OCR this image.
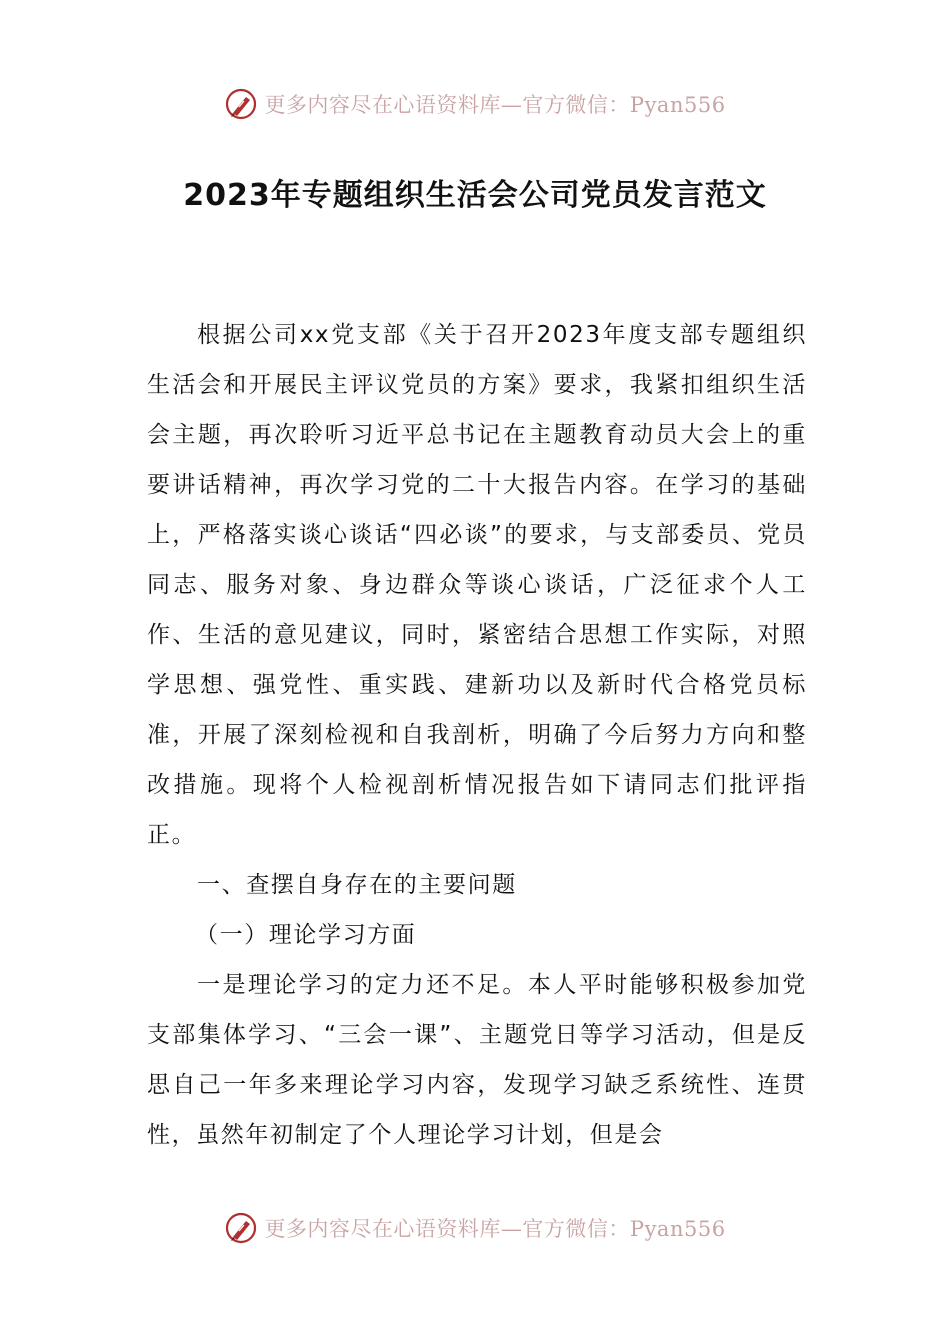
更多内容尽在心语资料库—官方微信：Pyan556
2023年专题组织生活会公司党员发言范文

根据公司xx党支部《关于召开2023年度支部专题组织生活会和开展民主评议党员的方案》要求，我紧扣组织生活会主题，再次聆听习近平总书记在主题教育动员大会上的重要讲话精神，再次学习党的二十大报告内容。在学习的基础上，严格落实谈心谈话“四必谈”的要求，与支部委员、党员同志、服务对象、身边群众等谈心谈话，广泛征求个人工作、生活的意见建议，同时，紧密结合思想工作实际，对照学思想、强党性、重实践、建新功以及新时代合格党员标准，开展了深刻检视和自我剖析，明确了今后努力方向和整改措施。现将个人检视剖析情况报告如下请同志们批评指正。

一、查摆自身存在的主要问题

（一）理论学习方面

一是理论学习的定力还不足。本人平时能够积极参加党支部集体学习、“三会一课”、主题党日等学习活动，但是反思自己一年多来理论学习内容，发现学习缺乏系统性、连贯性，虽然年初制定了个人理论学习计划，但是会

更多内容尽在心语资料库—官方微信：Pyan556
